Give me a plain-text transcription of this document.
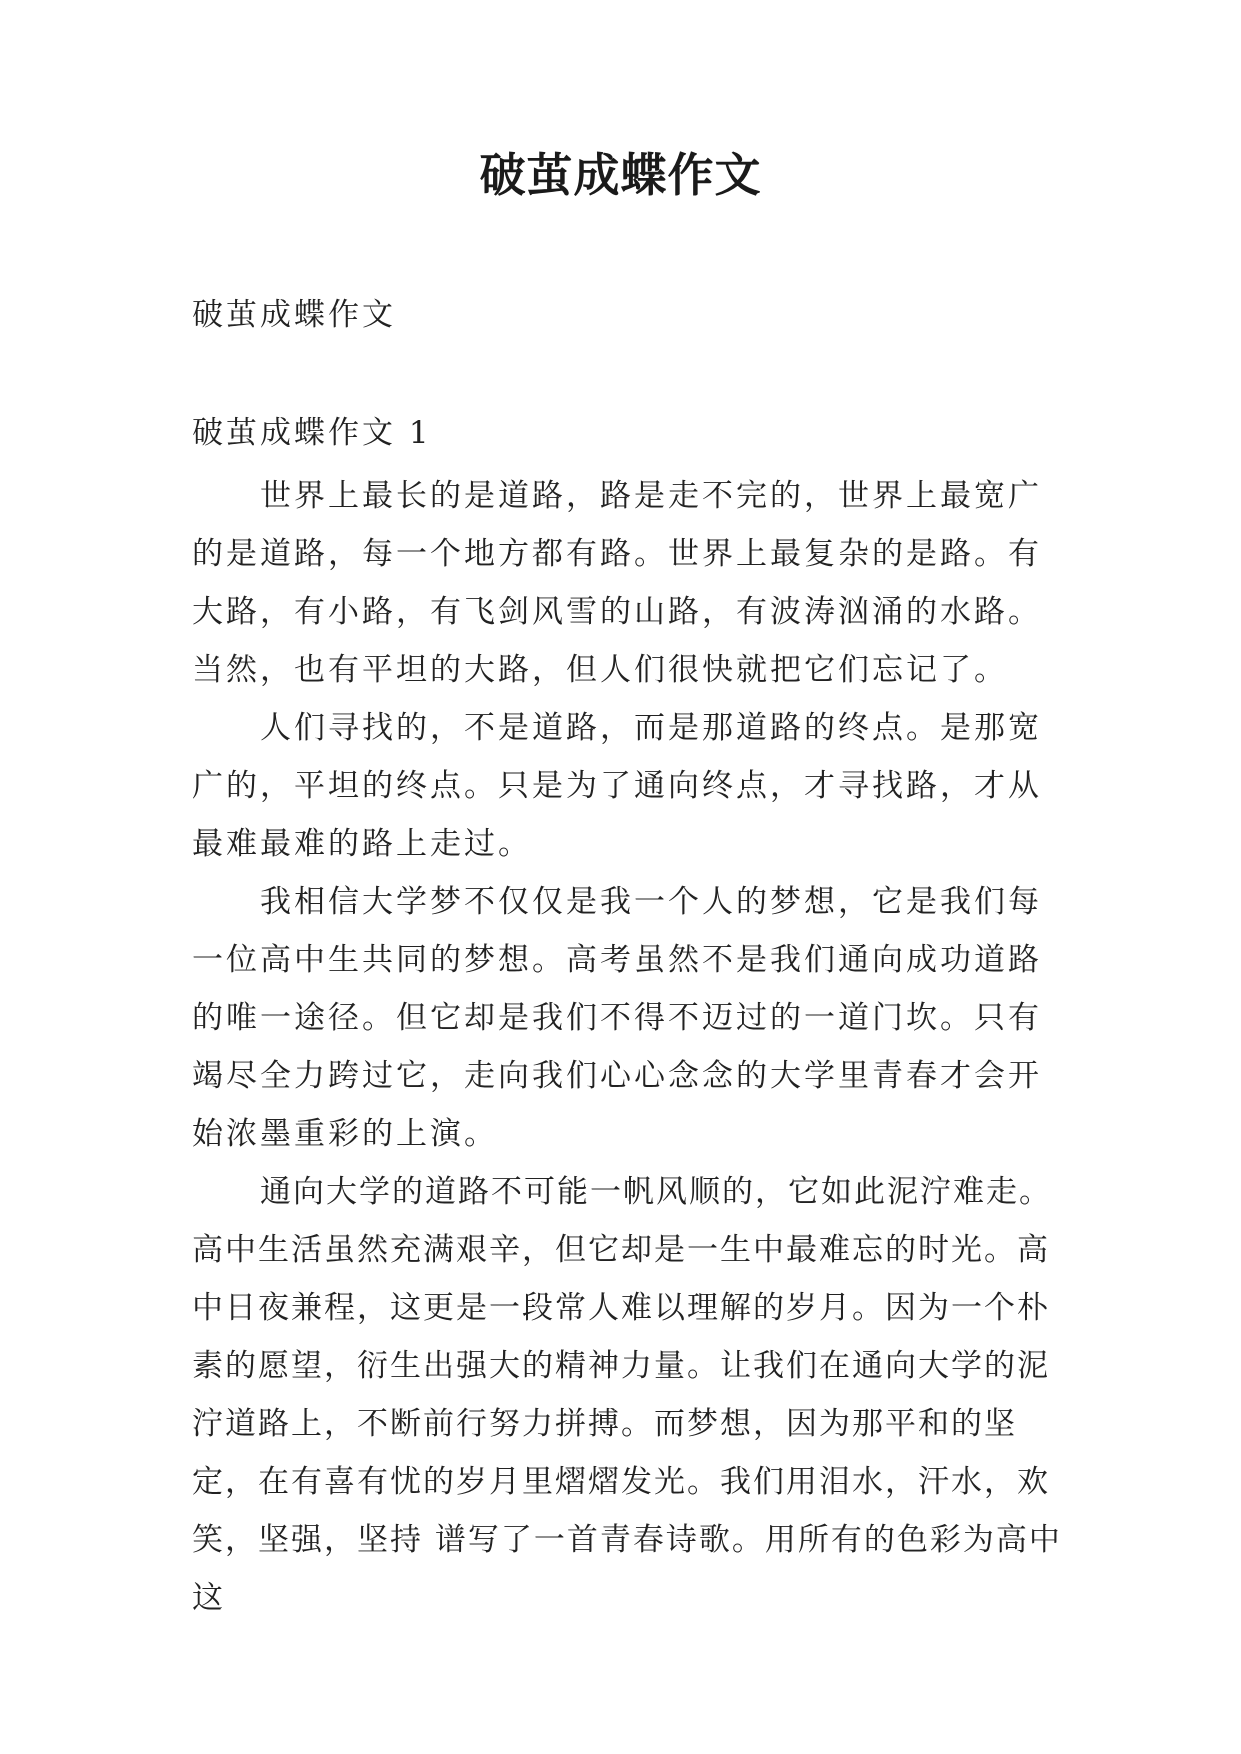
破茧成蝶作文
破茧成蝶作文
破茧成蝶作文 1

世界上最长的是道路，路是走不完的，世界上最宽广的是道路，每一个地方都有路。世界上最复杂的是路。有大路，有小路，有飞剑风雪的山路，有波涛汹涌的水路。当然，也有平坦的大路，但人们很快就把它们忘记了。

人们寻找的，不是道路，而是那道路的终点。是那宽广的，平坦的终点。只是为了通向终点，才寻找路，才从最难最难的路上走过。

我相信大学梦不仅仅是我一个人的梦想，它是我们每一位高中生共同的梦想。高考虽然不是我们通向成功道路的唯一途径。但它却是我们不得不迈过的一道门坎。只有竭尽全力跨过它，走向我们心心念念的大学里青春才会开始浓墨重彩的上演。

通向大学的道路不可能一帆风顺的，它如此泥泞难走。高中生活虽然充满艰辛，但它却是一生中最难忘的时光。高中日夜兼程，这更是一段常人难以理解的岁月。因为一个朴素的愿望，衍生出强大的精神力量。让我们在通向大学的泥泞道路上，不断前行努力拼搏。而梦想，因为那平和的坚定，在有喜有忧的岁月里熠熠发光。我们用泪水，汗水，欢笑，坚强，坚持 谱写了一首青春诗歌。用所有的色彩为高中这
